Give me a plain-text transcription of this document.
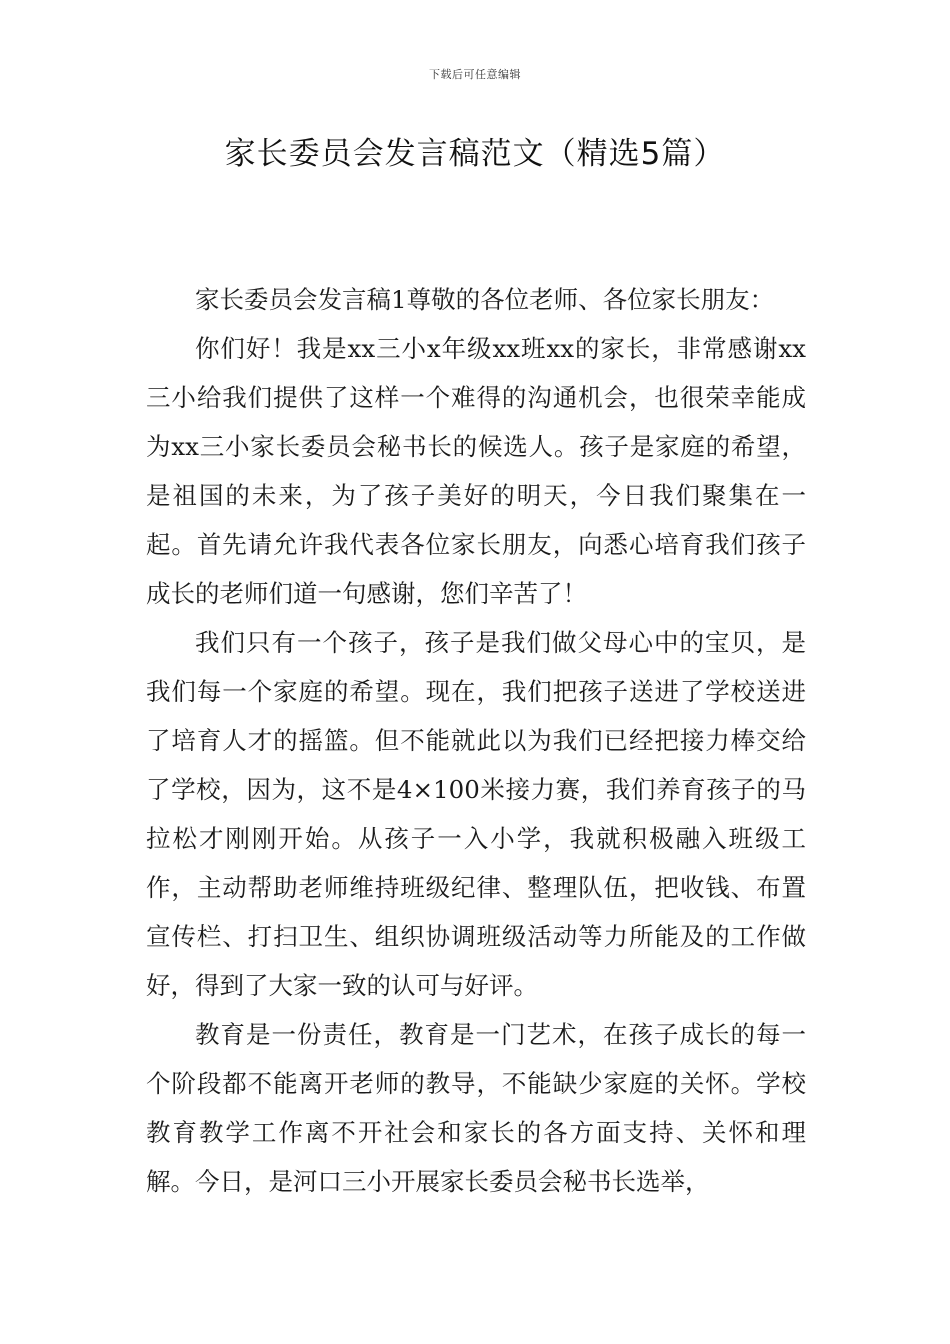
下载后可任意编辑
家长委员会发言稿范文（精选5篇）

家长委员会发言稿1尊敬的各位老师、各位家长朋友：

你们好！我是xx三小x年级xx班xx的家长，非常感谢xx三小给我们提供了这样一个难得的沟通机会，也很荣幸能成为xx三小家长委员会秘书长的候选人。孩子是家庭的希望，是祖国的未来，为了孩子美好的明天，今日我们聚集在一起。首先请允许我代表各位家长朋友，向悉心培育我们孩子成长的老师们道一句感谢，您们辛苦了！

我们只有一个孩子，孩子是我们做父母心中的宝贝，是我们每一个家庭的希望。现在，我们把孩子送进了学校送进了培育人才的摇篮。但不能就此以为我们已经把接力棒交给了学校，因为，这不是4×100米接力赛，我们养育孩子的马拉松才刚刚开始。从孩子一入小学，我就积极融入班级工作，主动帮助老师维持班级纪律、整理队伍，把收钱、布置宣传栏、打扫卫生、组织协调班级活动等力所能及的工作做好，得到了大家一致的认可与好评。

教育是一份责任，教育是一门艺术，在孩子成长的每一个阶段都不能离开老师的教导，不能缺少家庭的关怀。学校教育教学工作离不开社会和家长的各方面支持、关怀和理解。今日，是河口三小开展家长委员会秘书长选举，
